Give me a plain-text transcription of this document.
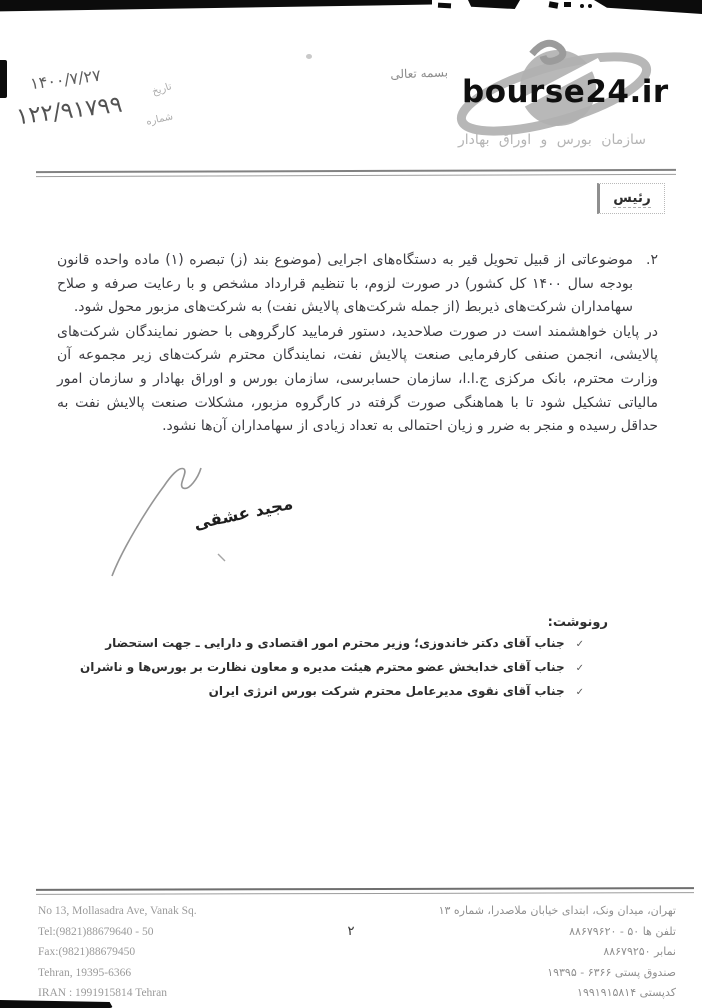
بسمه تعالی
۱۴۰۰/۷/۲۷	تاریخ
۱۲۲/۹۱۷۹۹ شماره
bourse24.ir
سازمان بورس و اوراق بهادار
رئیس
۲.
موضوعاتی از قبیل تحویل قیر به دستگاه‌های اجرایی (موضوع بند (ز) تبصره (۱) ماده واحده قانون بودجه سال ۱۴۰۰ کل کشور) در صورت لزوم، با تنظیم قرارداد مشخص و با رعایت صرفه و صلاح سهامداران شرکت‌های ذیربط (از جمله شرکت‌های پالایش نفت) به شرکت‌های مزبور محول شود.
در پایان خواهشمند است در صورت صلاحدید، دستور فرمایید کارگروهی با حضور نمایندگان شرکت‌های پالایشی، انجمن صنفی کارفرمایی صنعت پالایش نفت، نمایندگان محترم شرکت‌های زیر مجموعه آن وزارت محترم، بانک مرکزی ج.ا.ا، سازمان حسابرسی، سازمان بورس و اوراق بهادار و سازمان امور مالیاتی تشکیل شود تا با هماهنگی صورت گرفته در کارگروه مزبور، مشکلات صنعت پالایش نفت به حداقل رسیده و منجر به ضرر و زیان احتمالی به تعداد زیادی از سهامداران آن‌ها نشود.
مجید عشقی
رونوشت:
✓
جناب آقای دکتر خاندوزی؛ وزیر محترم امور اقتصادی و دارایی ـ جهت استحضار
✓
جناب آقای خدابخش عضو محترم هیئت مدیره و معاون نظارت بر بورس‌ها و ناشران
✓
جناب آقای نقوی مدیرعامل محترم شرکت بورس انرژی ایران
۲
تهران، میدان ونک، ابتدای خیابان ملاصدرا، شماره ۱۳
تلفن ها ۵۰ - ۸۸۶۷۹۶۲۰
نمابر ۸۸۶۷۹۲۵۰
صندوق پستی ۶۳۶۶ - ۱۹۳۹۵
کدپستی ۱۹۹۱۹۱۵۸۱۴
No 13, Mollasadra Ave, Vanak Sq.
Tel:(9821)88679640 - 50
Fax:(9821)88679450
Tehran, 19395-6366
IRAN : 1991915814 Tehran
